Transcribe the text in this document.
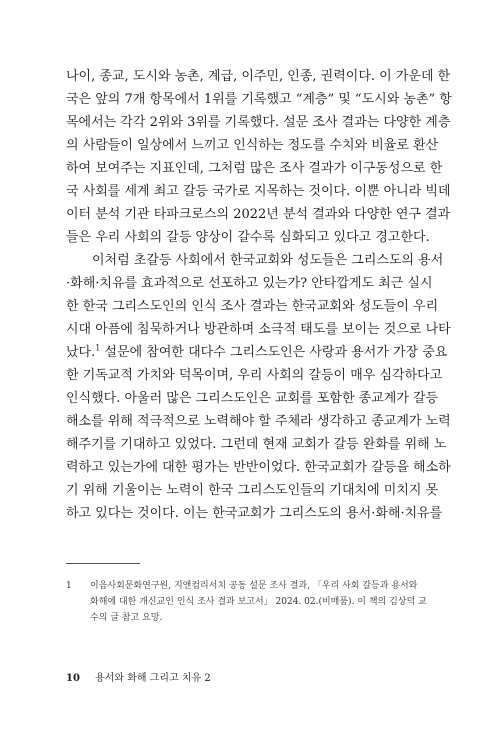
나이, 종교, 도시와 농촌, 계급, 이주민, 인종, 권력이다. 이 가운데 한
국은 앞의 7개 항목에서 1위를 기록했고 “계층” 및 “도시와 농촌” 항
목에서는 각각 2위와 3위를 기록했다. 설문 조사 결과는 다양한 계층
의 사람들이 일상에서 느끼고 인식하는 정도를 수치와 비율로 환산
하여 보여주는 지표인데, 그처럼 많은 조사 결과가 이구동성으로 한
국 사회를 세계 최고 갈등 국가로 지목하는 것이다. 이뿐 아니라 빅데
이터 분석 기관 타파크로스의 2022년 분석 결과와 다양한 연구 결과
들은 우리 사회의 갈등 양상이 갈수록 심화되고 있다고 경고한다.
이처럼 초갈등 사회에서 한국교회와 성도들은 그리스도의 용서
·화해·치유를 효과적으로 선포하고 있는가? 안타깝게도 최근 실시
한 한국 그리스도인의 인식 조사 결과는 한국교회와 성도들이 우리
시대 아픔에 침묵하거나 방관하며 소극적 태도를 보이는 것으로 나타
났다.$^1$ 설문에 참여한 대다수 그리스도인은 사랑과 용서가 가장 중요
한 기독교적 가치와 덕목이며, 우리 사회의 갈등이 매우 심각하다고
인식했다. 아울러 많은 그리스도인은 교회를 포함한 종교계가 갈등
해소를 위해 적극적으로 노력해야 할 주체라 생각하고 종교계가 노력
해주기를 기대하고 있었다. 그런데 현재 교회가 갈등 완화를 위해 노
력하고 있는가에 대한 평가는 반반이었다. 한국교회가 갈등을 해소하
기 위해 기울이는 노력이 한국 그리스도인들의 기대치에 미치지 못
하고 있다는 것이다. 이는 한국교회가 그리스도의 용서·화해·치유를
1 이음사회문화연구원, 지앤컴리서치 공동 설문 조사 결과, 「우리 사회 갈등과 용서와
화해에 대한 개신교인 인식 조사 결과 보고서」 2024. 02.(비매품). 이 책의 김상덕 교
수의 글 참고 요망.
10 용서와 화해 그리고 치유 2
